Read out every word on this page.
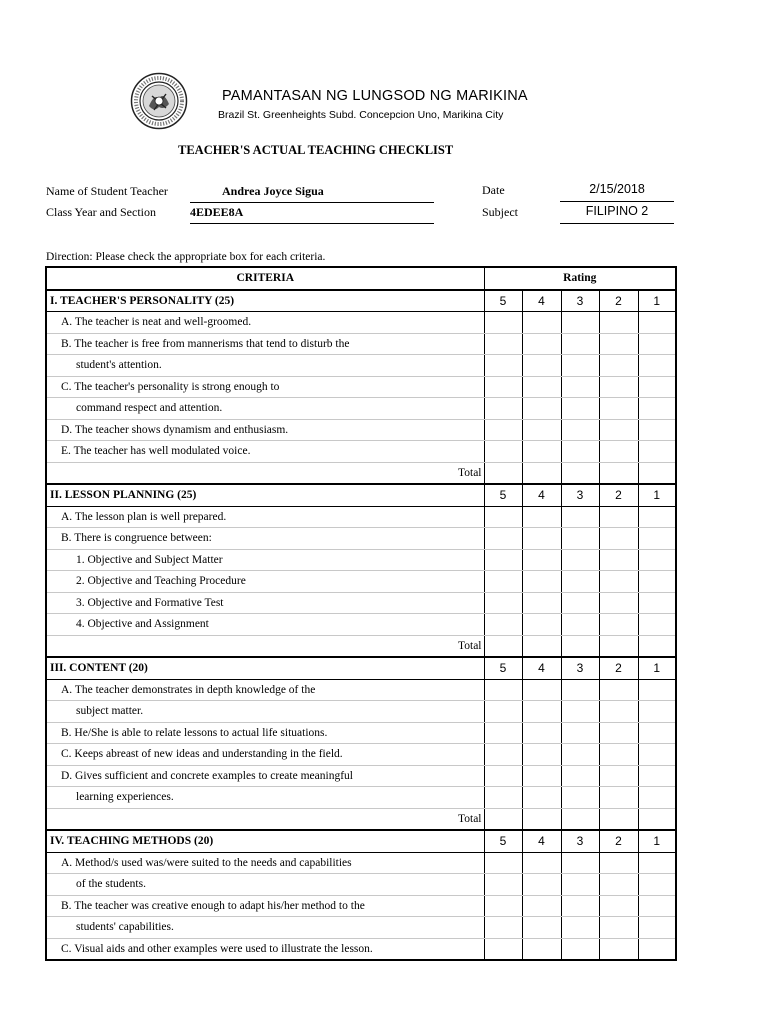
PAMANTASAN NG LUNGSOD NG MARIKINA
Brazil St. Greenheights Subd. Concepcion Uno, Marikina City
TEACHER'S ACTUAL TEACHING CHECKLIST
Name of Student Teacher	Andrea Joyce Sigua
Class Year and Section	4EDEE8A
Date	2/15/2018
Subject	FILIPINO 2
Direction: Please check the appropriate box for each criteria.
CRITERIA	Rating				
I. TEACHER'S PERSONALITY (25)	5	4	3	2	1
A. The teacher is neat and well-groomed.					
B. The teacher is free from mannerisms that tend to disturb the					
student's attention.					
C. The teacher's personality is strong enough to					
command respect and attention.					
D. The teacher shows dynamism and enthusiasm.					
E. The teacher has well modulated voice.					
Total					
II. LESSON PLANNING (25)	5	4	3	2	1
A. The lesson plan is well prepared.					
B. There is congruence between:					
1. Objective and Subject Matter					
2. Objective and Teaching Procedure					
3. Objective and Formative Test					
4. Objective and Assignment					
Total					
III. CONTENT (20)	5	4	3	2	1
A. The teacher demonstrates in depth knowledge of the					
subject matter.					
B. He/She is able to relate lessons to actual life situations.					
C. Keeps abreast of new ideas and understanding in the field.					
D. Gives sufficient and concrete examples to create meaningful					
learning experiences.					
Total					
IV. TEACHING METHODS (20)	5	4	3	2	1
A. Method/s used was/were suited to the needs and capabilities					
of the students.					
B. The teacher was creative enough to adapt his/her method to the					
students' capabilities.					
C. Visual aids and other examples were used to illustrate the lesson.					
